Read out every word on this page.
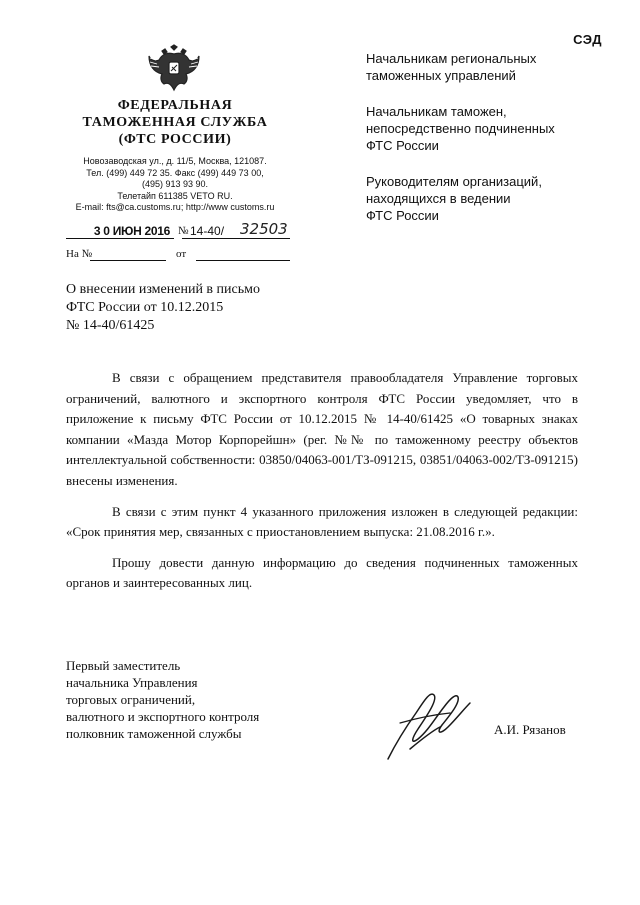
СЭД
ФЕДЕРАЛЬНАЯ
ТАМОЖЕННАЯ СЛУЖБА
(ФТС РОССИИ)
Новозаводская ул., д. 11/5, Москва, 121087.
Тел. (499) 449 72 35. Факс (499) 449 73 00,
(495) 913 93 90.
Телетайп 611385 VETO RU.
E-mail: fts@ca.customs.ru; http://www customs.ru
3 0 ИЮН 2016 № 14-40/ 32503
На №	от
Начальникам региональных
таможенных управлений
Начальникам таможен,
непосредственно подчиненных
ФТС России
Руководителям организаций,
находящихся в ведении
ФТС России
О внесении изменений в письмо
ФТС России от 10.12.2015
№ 14-40/61425

В связи с обращением представителя правообладателя Управление торговых ограничений, валютного и экспортного контроля ФТС России уведомляет, что в приложение к письму ФТС России от 10.12.2015 № 14-40/61425 «О товарных знаках компании «Мазда Мотор Корпорейшн» (рег. №№ по таможенному реестру объектов интеллектуальной собственности: 03850/04063-001/ТЗ-091215, 03851/04063-002/ТЗ-091215) внесены изменения.

В связи с этим пункт 4 указанного приложения изложен в следующей редакции: «Срок принятия мер, связанных с приостановлением выпуска: 21.08.2016 г.».

Прошу довести данную информацию до сведения подчиненных таможенных органов и заинтересованных лиц.

Первый заместитель
начальника Управления
торговых ограничений,
валютного и экспортного контроля
полковник таможенной службы	А.И. Рязанов
